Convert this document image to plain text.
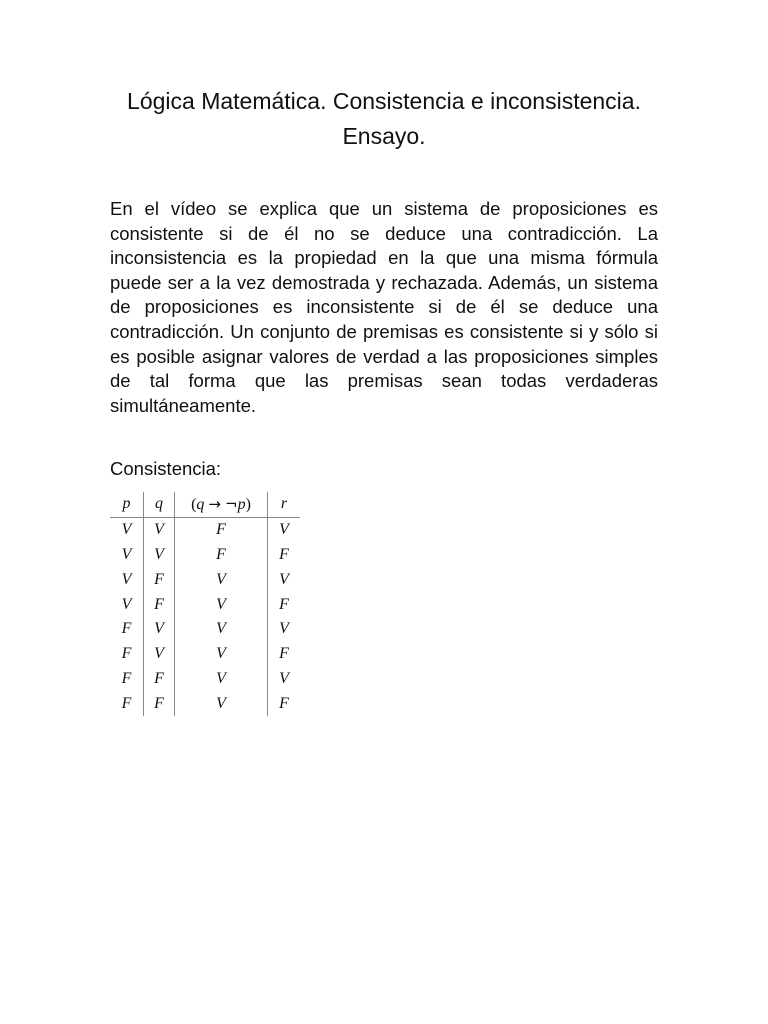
Lógica Matemática. Consistencia e inconsistencia.
Ensayo.

En el vídeo se explica que un sistema de proposiciones es consistente si de él no se deduce una contradicción. La inconsistencia es la propiedad en la que una misma fórmula puede ser a la vez demostrada y rechazada. Además, un sistema de proposiciones es inconsistente si de él se deduce una contradicción. Un conjunto de premisas es consistente si y sólo si es posible asignar valores de verdad a las proposiciones simples de tal forma que las premisas sean todas verdaderas simultáneamente.

Consistencia:
p	q	(q → ¬p)	r
V	V	F	V
V	V	F	F
V	F	V	V
V	F	V	F
F	V	V	V
F	V	V	F
F	F	V	V
F	F	V	F
